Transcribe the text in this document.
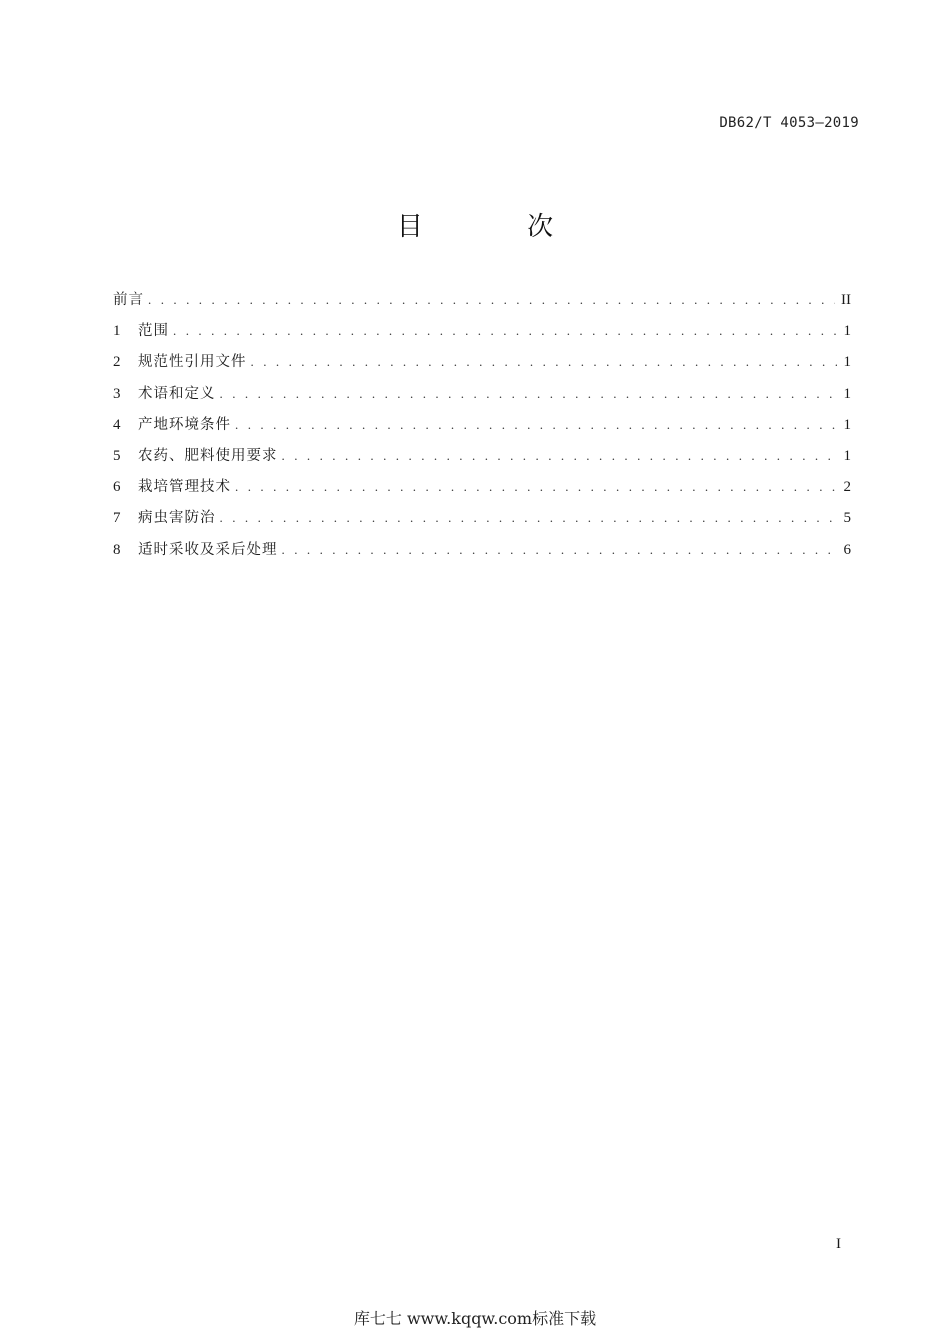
DB62/T 4053—2019
目 次
前言 . . .	II
1	范围 . . .	1
2	规范性引用文件 . . .	1
3	术语和定义 . . .	1
4	产地环境条件 . . .	1
5	农药、肥料使用要求 . . .	1
6	栽培管理技术 . . .	2
7	病虫害防治 . . .	5
8	适时采收及采后处理 . . .	6
I
库七七 www.kqqw.com标准下载
